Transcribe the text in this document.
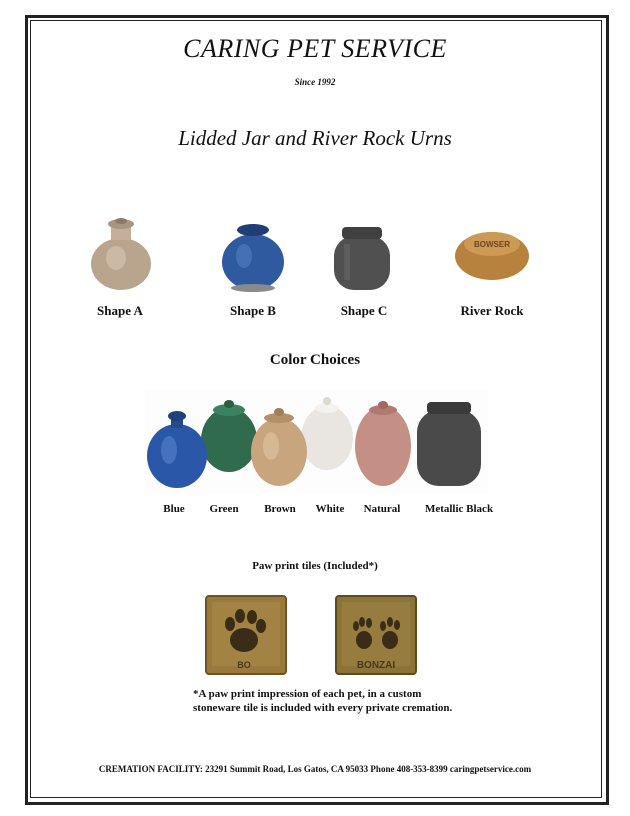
CARING PET SERVICE
Since 1992
Lidded Jar and River Rock Urns
BOWSER
Shape A	Shape B	Shape C	River Rock
Color Choices
Blue	Green	Brown	White	Natural	Metallic Black
Paw print tiles (Included*)
BO	BONZAI
*A paw print impression of each pet, in a custom stoneware tile is included with every private cremation.
CREMATION FACILITY: 23291 Summit Road, Los Gatos, CA 95033 Phone 408-353-8399 caringpetservice.com
